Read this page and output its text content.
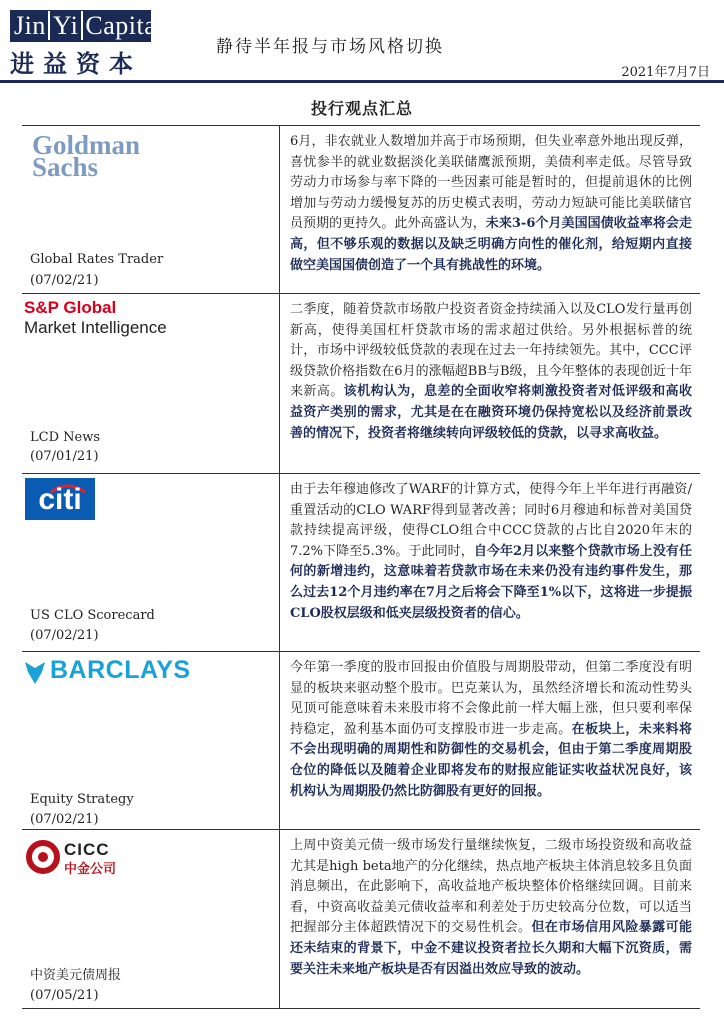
Jin Yi Capital
进益资本
静待半年报与市场风格切换
2021年7月7日
投行观点汇总
Goldman
Sachs
Global Rates Trader
(07/02/21)
6月，非农就业人数增加并高于市场预期，但失业率意外地出现反弹，喜忧参半的就业数据淡化美联储鹰派预期，美债利率走低。尽管导致劳动力市场参与率下降的一些因素可能是暂时的，但提前退休的比例增加与劳动力缓慢复苏的历史模式表明，劳动力短缺可能比美联储官员预期的更持久。此外高盛认为，未来3-6个月美国国债收益率将会走高，但不够乐观的数据以及缺乏明确方向性的催化剂，给短期内直接做空美国国债创造了一个具有挑战性的环境。
S&P Global
Market Intelligence
LCD News
(07/01/21)
二季度，随着贷款市场散户投资者资金持续涌入以及CLO发行量再创新高，使得美国杠杆贷款市场的需求超过供给。另外根据标普的统计，市场中评级较低贷款的表现在过去一年持续领先。其中，CCC评级贷款价格指数在6月的涨幅超BB与B级，且今年整体的表现创近十年来新高。该机构认为，息差的全面收窄将刺激投资者对低评级和高收益资产类别的需求，尤其是在在融资环境仍保持宽松以及经济前景改善的情况下，投资者将继续转向评级较低的贷款，以寻求高收益。
citi
US CLO Scorecard
(07/02/21)
由于去年穆迪修改了WARF的计算方式，使得今年上半年进行再融资/重置活动的CLO WARF得到显著改善；同时6月穆迪和标普对美国贷款持续提高评级，使得CLO组合中CCC贷款的占比自2020年末的7.2%下降至5.3%。于此同时，自今年2月以来整个贷款市场上没有任何的新增违约，这意味着若贷款市场在未来仍没有违约事件发生，那么过去12个月违约率在7月之后将会下降至1%以下，这将进一步提振CLO股权层级和低夹层级投资者的信心。
BARCLAYS
Equity Strategy
(07/02/21)
今年第一季度的股市回报由价值股与周期股带动，但第二季度没有明显的板块来驱动整个股市。巴克莱认为，虽然经济增长和流动性势头见顶可能意味着未来股市将不会像此前一样大幅上涨，但只要利率保持稳定，盈利基本面仍可支撑股市进一步走高。在板块上，未来料将不会出现明确的周期性和防御性的交易机会，但由于第二季度周期股仓位的降低以及随着企业即将发布的财报应能证实收益状况良好，该机构认为周期股仍然比防御股有更好的回报。
CICC
中金公司
中资美元债周报
(07/05/21)
上周中资美元债一级市场发行量继续恢复，二级市场投资级和高收益尤其是high beta地产的分化继续，热点地产板块主体消息较多且负面消息频出，在此影响下，高收益地产板块整体价格继续回调。目前来看，中资高收益美元债收益率和利差处于历史较高分位数，可以适当把握部分主体超跌情况下的交易性机会。但在市场信用风险暴露可能还未结束的背景下，中金不建议投资者拉长久期和大幅下沉资质，需要关注未来地产板块是否有因溢出效应导致的波动。
